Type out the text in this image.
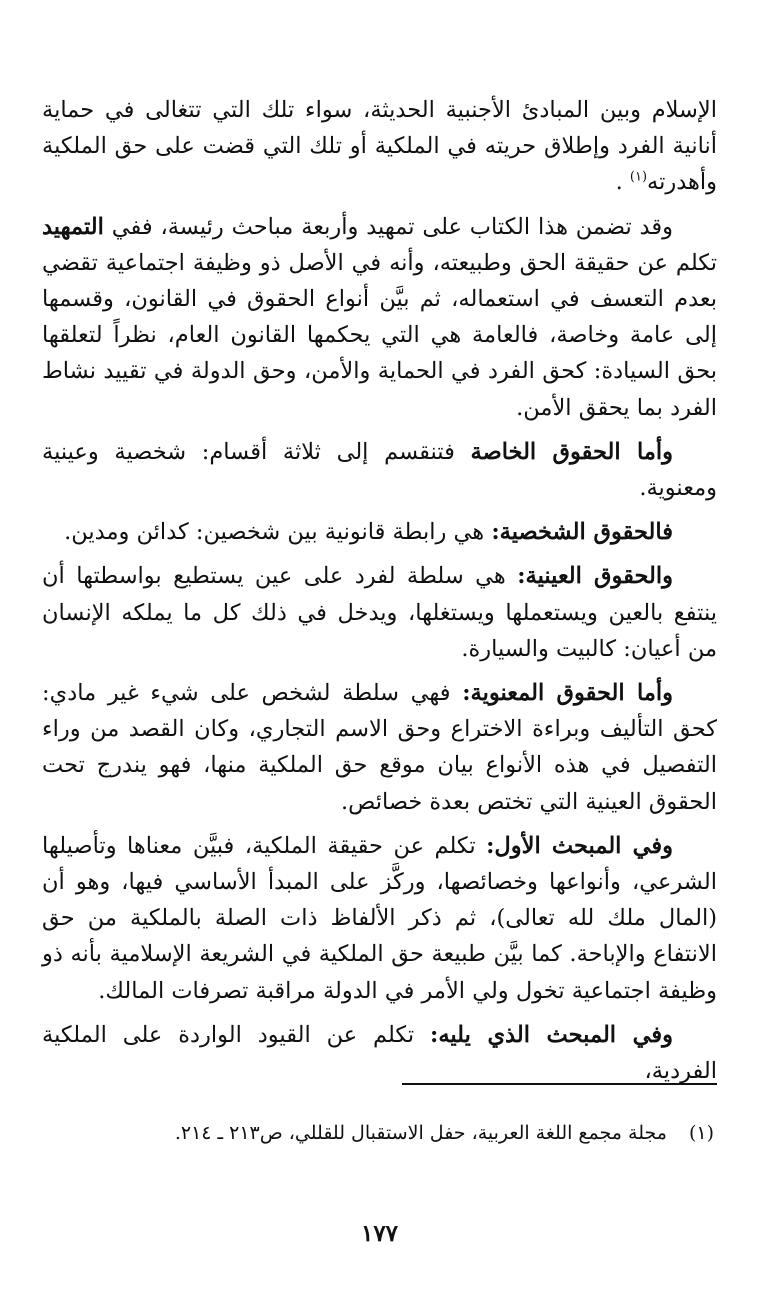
الإسلام وبين المبادئ الأجنبية الحديثة، سواء تلك التي تتغالى في حماية أنانية الفرد وإطلاق حريته في الملكية أو تلك التي قضت على حق الملكية وأهدرته$^{(١)}$ .

وقد تضمن هذا الكتاب على تمهيد وأربعة مباحث رئيسة، ففي التمهيد تكلم عن حقيقة الحق وطبيعته، وأنه في الأصل ذو وظيفة اجتماعية تقضي بعدم التعسف في استعماله، ثم بيَّن أنواع الحقوق في القانون، وقسمها إلى عامة وخاصة، فالعامة هي التي يحكمها القانون العام، نظراً لتعلقها بحق السيادة: كحق الفرد في الحماية والأمن، وحق الدولة في تقييد نشاط الفرد بما يحقق الأمن.

وأما الحقوق الخاصة فتنقسم إلى ثلاثة أقسام: شخصية وعينية ومعنوية.

فالحقوق الشخصية: هي رابطة قانونية بين شخصين: كدائن ومدين.

والحقوق العينية: هي سلطة لفرد على عين يستطيع بواسطتها أن ينتفع بالعين ويستعملها ويستغلها، ويدخل في ذلك كل ما يملكه الإنسان من أعيان: كالبيت والسيارة.

وأما الحقوق المعنوية: فهي سلطة لشخص على شيء غير مادي: كحق التأليف وبراءة الاختراع وحق الاسم التجاري، وكان القصد من وراء التفصيل في هذه الأنواع بيان موقع حق الملكية منها، فهو يندرج تحت الحقوق العينية التي تختص بعدة خصائص.

وفي المبحث الأول: تكلم عن حقيقة الملكية، فبيَّن معناها وتأصيلها الشرعي، وأنواعها وخصائصها، وركَّز على المبدأ الأساسي فيها، وهو أن (المال ملك لله تعالى)، ثم ذكر الألفاظ ذات الصلة بالملكية من حق الانتفاع والإباحة. كما بيَّن طبيعة حق الملكية في الشريعة الإسلامية بأنه ذو وظيفة اجتماعية تخول ولي الأمر في الدولة مراقبة تصرفات المالك.

وفي المبحث الذي يليه: تكلم عن القيود الواردة على الملكية الفردية،

(١)مجلة مجمع اللغة العربية، حفل الاستقبال للقللي، ص٢١٣ ـ ٢١٤.
١٧٧
